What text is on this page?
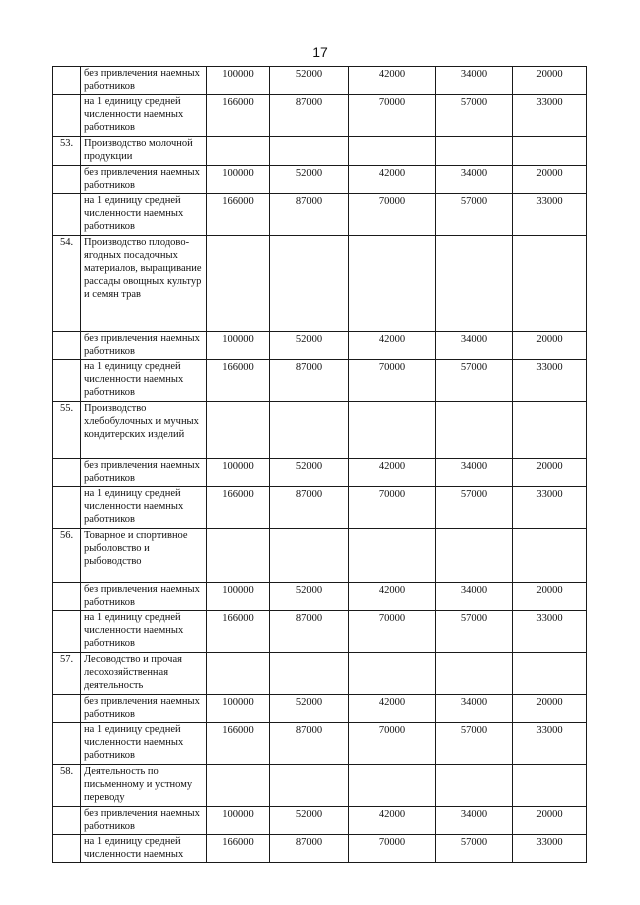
17
	без привлечения наемных работников	100000	52000	42000	34000	20000
	на 1 единицу средней численности наемных работников	166000	87000	70000	57000	33000
53.	Производство молочной продукции					
	без привлечения наемных работников	100000	52000	42000	34000	20000
	на 1 единицу средней численности наемных работников	166000	87000	70000	57000	33000
54.	Производство плодово-ягодных посадочных материалов, выращивание рассады овощных культур и семян трав					
	без привлечения наемных работников	100000	52000	42000	34000	20000
	на 1 единицу средней численности наемных работников	166000	87000	70000	57000	33000
55.	Производство хлебобулочных и мучных кондитерских изделий					
	без привлечения наемных работников	100000	52000	42000	34000	20000
	на 1 единицу средней численности наемных работников	166000	87000	70000	57000	33000
56.	Товарное и спортивное рыболовство и рыбоводство					
	без привлечения наемных работников	100000	52000	42000	34000	20000
	на 1 единицу средней численности наемных работников	166000	87000	70000	57000	33000
57.	Лесоводство и прочая лесохозяйственная деятельность					
	без привлечения наемных работников	100000	52000	42000	34000	20000
	на 1 единицу средней численности наемных работников	166000	87000	70000	57000	33000
58.	Деятельность по письменному и устному переводу					
	без привлечения наемных работников	100000	52000	42000	34000	20000
	на 1 единицу средней численности наемных	166000	87000	70000	57000	33000
